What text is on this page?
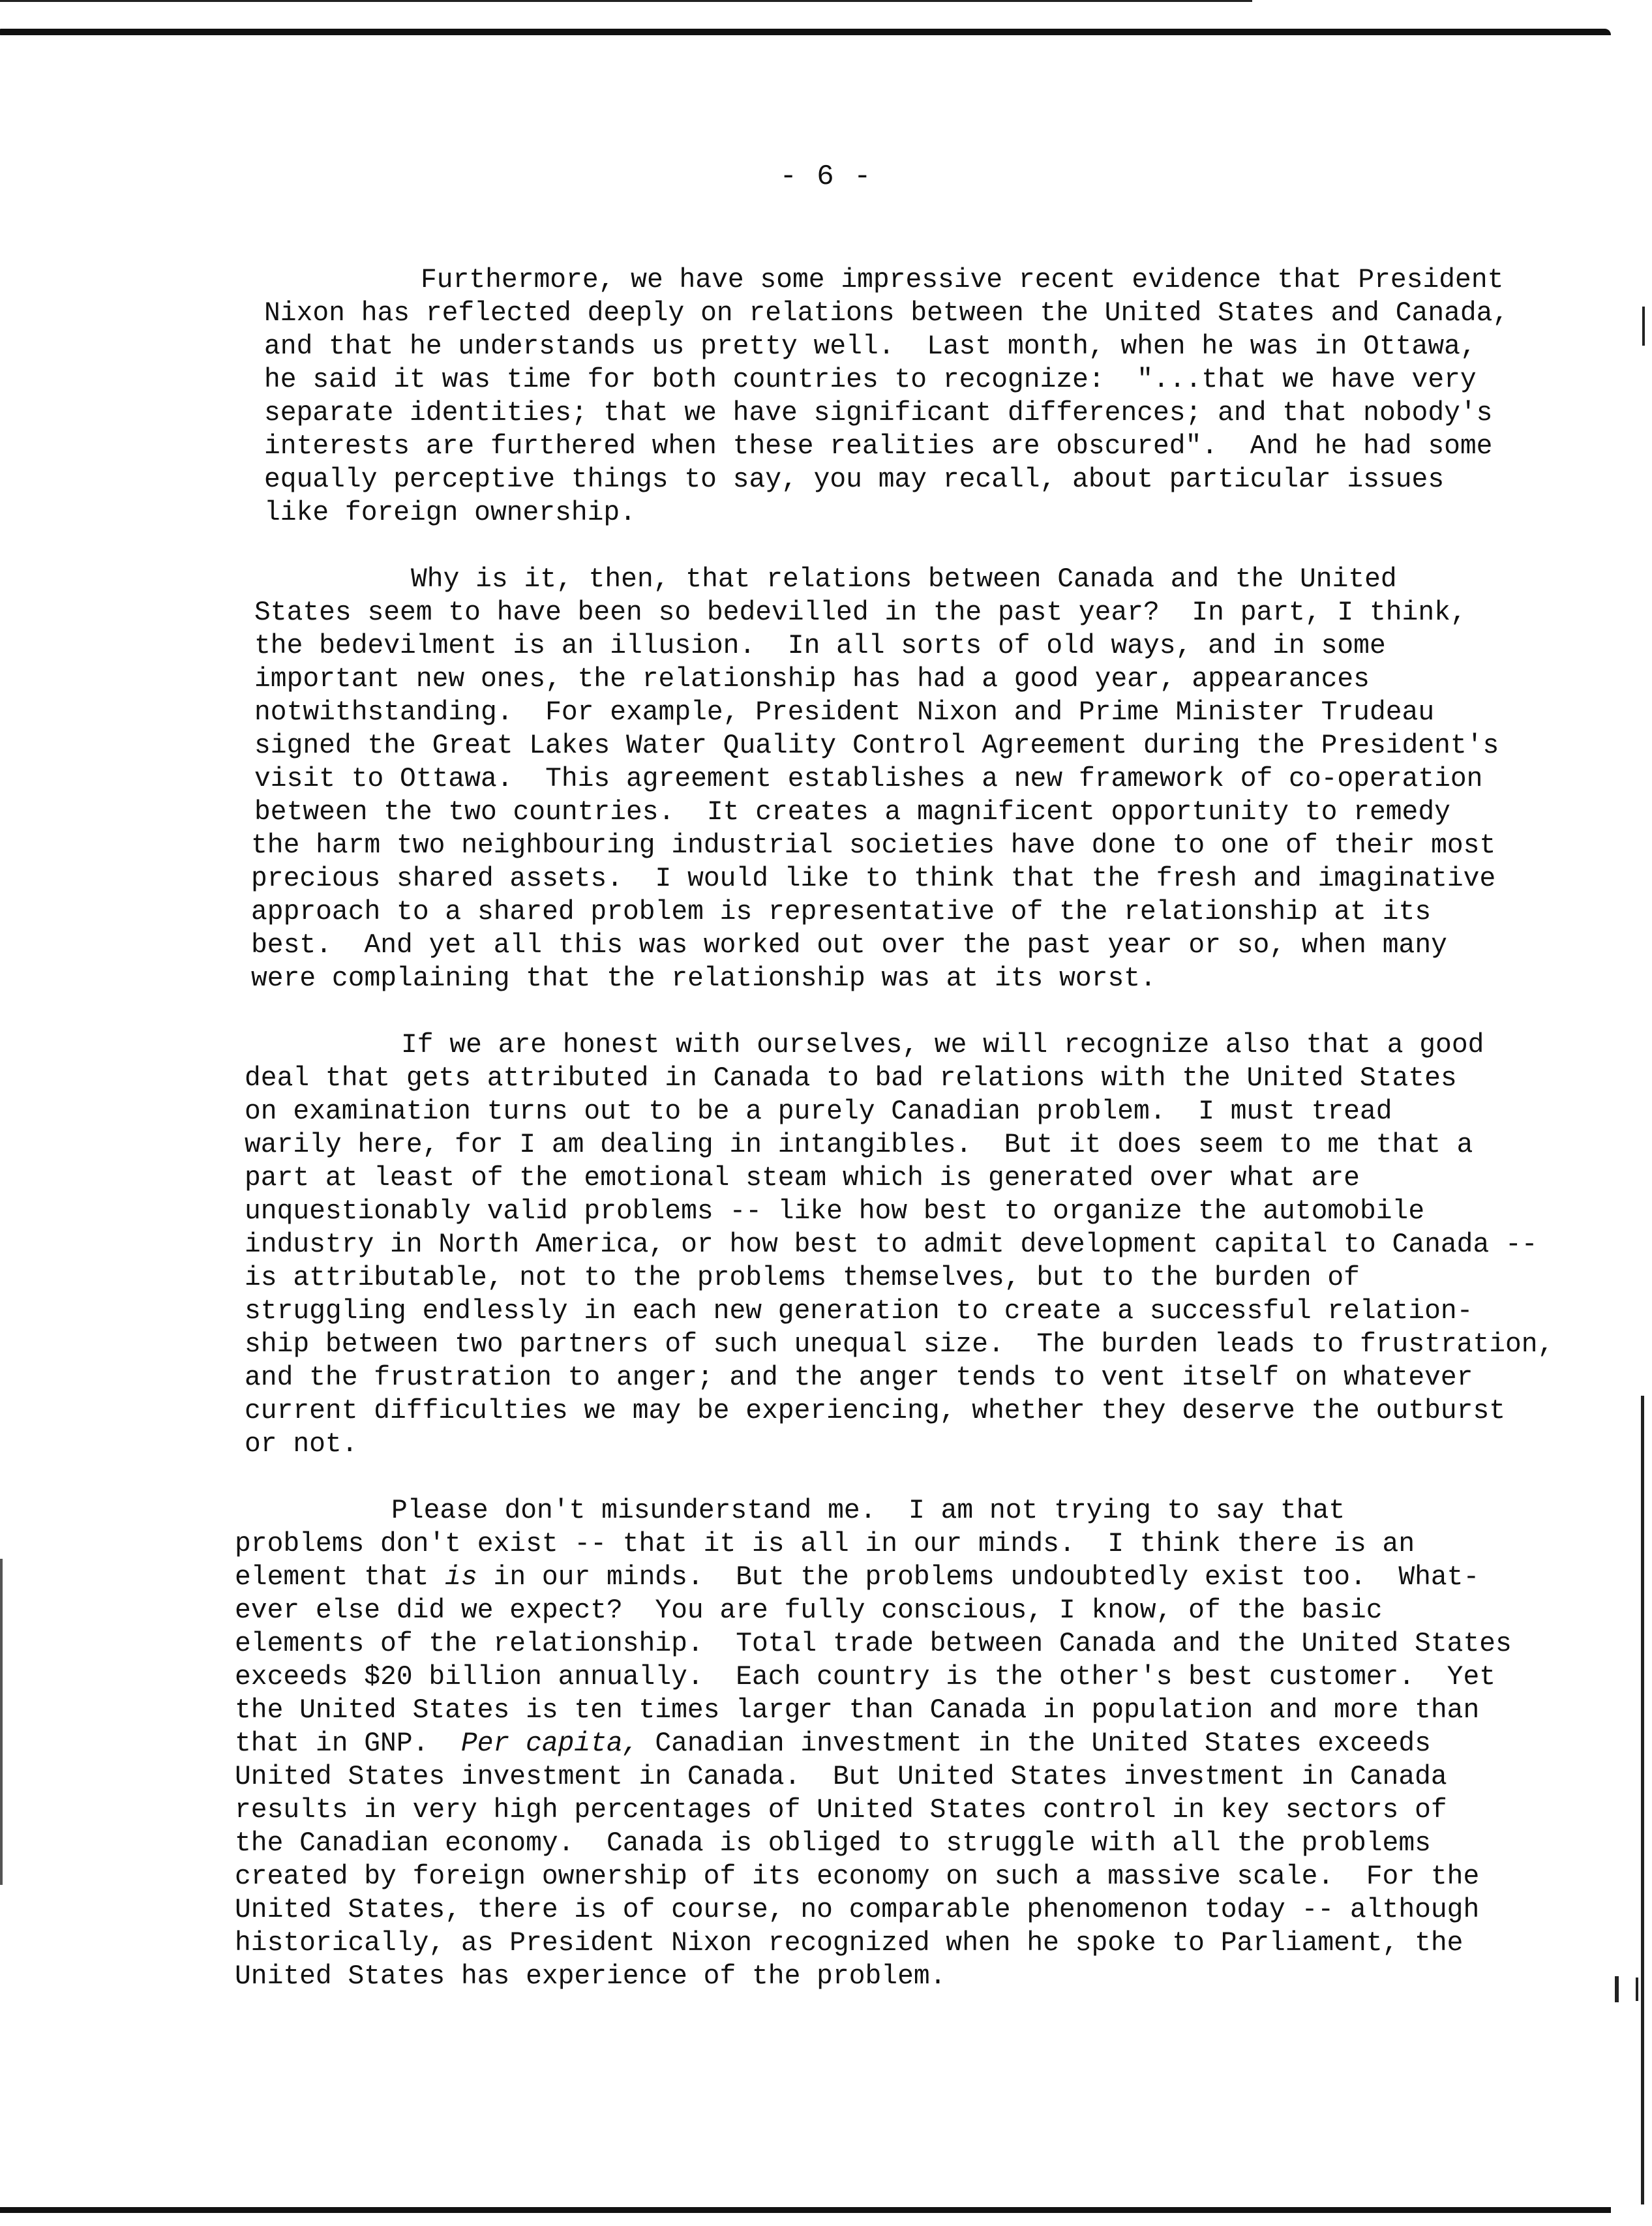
- 6 -
Furthermore, we have some impressive recent evidence that President
Nixon has reflected deeply on relations between the United States and Canada,
and that he understands us pretty well.  Last month, when he was in Ottawa,
he said it was time for both countries to recognize:  "...that we have very
separate identities; that we have significant differences; and that nobody's
interests are furthered when these realities are obscured".  And he had some
equally perceptive things to say, you may recall, about particular issues
like foreign ownership.
Why is it, then, that relations between Canada and the United
States seem to have been so bedevilled in the past year?  In part, I think,
the bedevilment is an illusion.  In all sorts of old ways, and in some
important new ones, the relationship has had a good year, appearances
notwithstanding.  For example, President Nixon and Prime Minister Trudeau
signed the Great Lakes Water Quality Control Agreement during the President's
visit to Ottawa.  This agreement establishes a new framework of co-operation
between the two countries.  It creates a magnificent opportunity to remedy
the harm two neighbouring industrial societies have done to one of their most
precious shared assets.  I would like to think that the fresh and imaginative
approach to a shared problem is representative of the relationship at its
best.  And yet all this was worked out over the past year or so, when many
were complaining that the relationship was at its worst.
If we are honest with ourselves, we will recognize also that a good
deal that gets attributed in Canada to bad relations with the United States
on examination turns out to be a purely Canadian problem.  I must tread
warily here, for I am dealing in intangibles.  But it does seem to me that a
part at least of the emotional steam which is generated over what are
unquestionably valid problems -- like how best to organize the automobile
industry in North America, or how best to admit development capital to Canada --
is attributable, not to the problems themselves, but to the burden of
struggling endlessly in each new generation to create a successful relation-
ship between two partners of such unequal size.  The burden leads to frustration,
and the frustration to anger; and the anger tends to vent itself on whatever
current difficulties we may be experiencing, whether they deserve the outburst
or not.
Please don't misunderstand me.  I am not trying to say that
problems don't exist -- that it is all in our minds.  I think there is an
element that is in our minds.  But the problems undoubtedly exist too.  What-
ever else did we expect?  You are fully conscious, I know, of the basic
elements of the relationship.  Total trade between Canada and the United States
exceeds $20 billion annually.  Each country is the other's best customer.  Yet
the United States is ten times larger than Canada in population and more than
that in GNP.  Per capita, Canadian investment in the United States exceeds
United States investment in Canada.  But United States investment in Canada
results in very high percentages of United States control in key sectors of
the Canadian economy.  Canada is obliged to struggle with all the problems
created by foreign ownership of its economy on such a massive scale.  For the
United States, there is of course, no comparable phenomenon today -- although
historically, as President Nixon recognized when he spoke to Parliament, the
United States has experience of the problem.
